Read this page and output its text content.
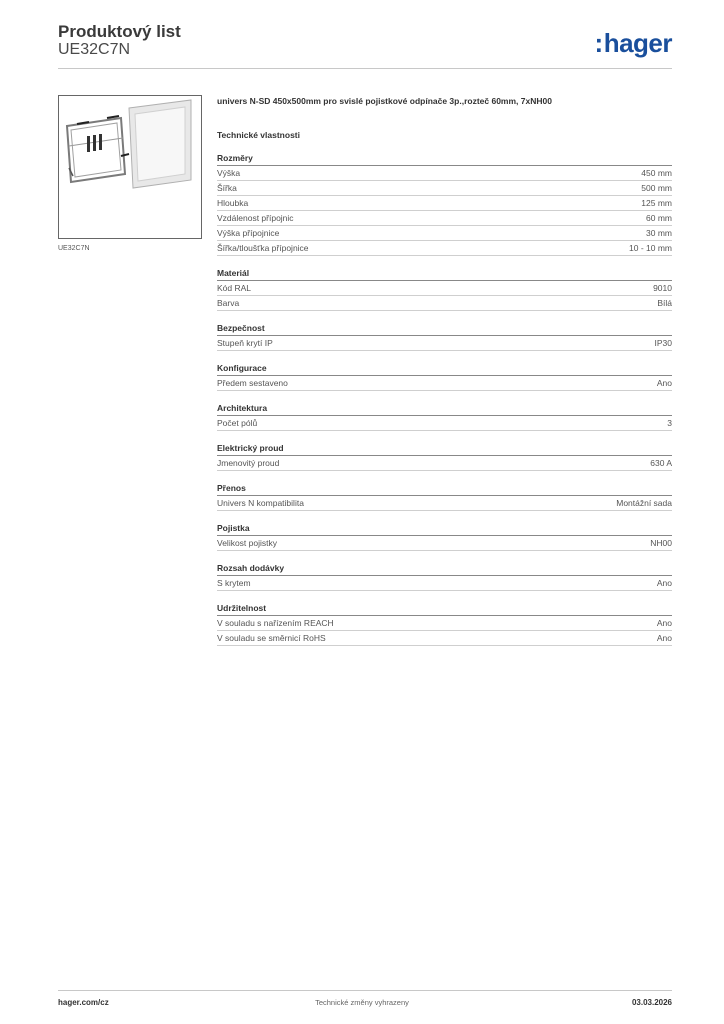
Produktový list
UE32C7N	:hager
UE32C7N
univers N-SD 450x500mm pro svislé pojistkové odpínače 3p.,rozteč 60mm, 7xNH00
Technické vlastnosti
Rozměry
Výška	450 mm
Šířka	500 mm
Hloubka	125 mm
Vzdálenost přípojnic	60 mm
Výška přípojnice	30 mm
Šířka/tloušťka přípojnice	10 - 10 mm
Materiál
Kód RAL	9010
Barva	Bílá
Bezpečnost
Stupeň krytí IP	IP30
Konfigurace
Předem sestaveno	Ano
Architektura
Počet pólů	3
Elektrický proud
Jmenovitý proud	630 A
Přenos
Univers N kompatibilita	Montážní sada
Pojistka
Velikost pojistky	NH00
Rozsah dodávky
S krytem	Ano
Udržitelnost
V souladu s nařízením REACH	Ano
V souladu se směrnicí RoHS	Ano
hager.com/cz	Technické změny vyhrazeny	03.03.2026
